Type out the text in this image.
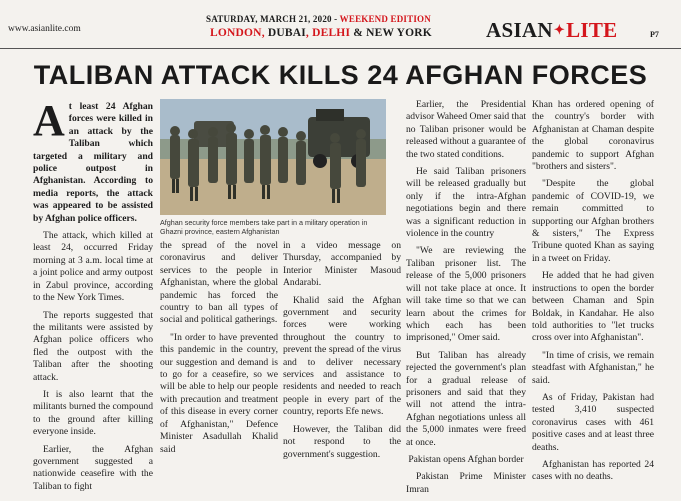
www.asianlite.com
SATURDAY, MARCH 21, 2020 - WEEKEND EDITION
LONDON, DUBAI, DELHI & NEW YORK	ASIAN✦LITE	P7
TALIBAN ATTACK KILLS 24 AFGHAN FORCES

At least 24 Afghan forces were killed in an attack by the Taliban which targeted a military and police outpost in Afghanistan. According to media reports, the attack was appeared to be assisted by Afghan police officers.

The attack, which killed at least 24, occurred Friday morning at 3 a.m. local time at a joint police and army outpost in Zabul province, according to the New York Times.

The reports suggested that the militants were assisted by Afghan police officers who fled the outpost with the Taliban after the shooting attack.

It is also learnt that the militants burned the compound to the ground after killing everyone inside.

Earlier, the Afghan government suggested a nationwide ceasefire with the Taliban to fight

Afghan security force members take part in a military operation in Ghazni province, eastern Afghanistan

the spread of the novel coronavirus and deliver services to the people in Afghanistan, where the global pandemic has forced the country to ban all types of social and political gatherings.

"In order to have prevented this pandemic in the country, our suggestion and demand is to go for a ceasefire, so we will be able to help our people with precaution and treatment of this disease in every corner of Afghanistan," Defence Minister Asadullah Khalid said

in a video message on Thursday, accompanied by Interior Minister Masoud Andarabi.

Khalid said the Afghan government and security forces were working throughout the country to prevent the spread of the virus and to deliver necessary services and assistance to residents and needed to reach people in every part of the country, reports Efe news.

However, the Taliban did not respond to the government's suggestion.

Earlier, the Presidential advisor Waheed Omer said that no Taliban prisoner would be released without a guarantee of the two stated conditions.

He said Taliban prisoners will be released gradually but only if the intra-Afghan negotiations begin and there was a significant reduction in violence in the country

"We are reviewing the Taliban prisoner list. The release of the 5,000 prisoners will not take place at once. It will take time so that we can learn about the crimes for which each has been imprisoned," Omer said.

But Taliban has already rejected the government's plan for a gradual release of prisoners and said that they will not attend the intra-Afghan negotiations unless all the 5,000 inmates were freed at once.

Pakistan opens Afghan border

Pakistan Prime Minister Imran

Khan has ordered opening of the country's border with Afghanistan at Chaman despite the global coronavirus pandemic to support Afghan "brothers and sisters".

"Despite the global pandemic of COVID-19, we remain committed to supporting our Afghan brothers & sisters," The Express Tribune quoted Khan as saying in a tweet on Friday.

He added that he had given instructions to open the border between Chaman and Spin Boldak, in Kandahar. He also told authorities to "let trucks cross over into Afghanistan".

"In time of crisis, we remain steadfast with Afghanistan," he said.

As of Friday, Pakistan had tested 3,410 suspected coronavirus cases with 461 positive cases and at least three deaths.

Afghanistan has reported 24 cases with no deaths.
